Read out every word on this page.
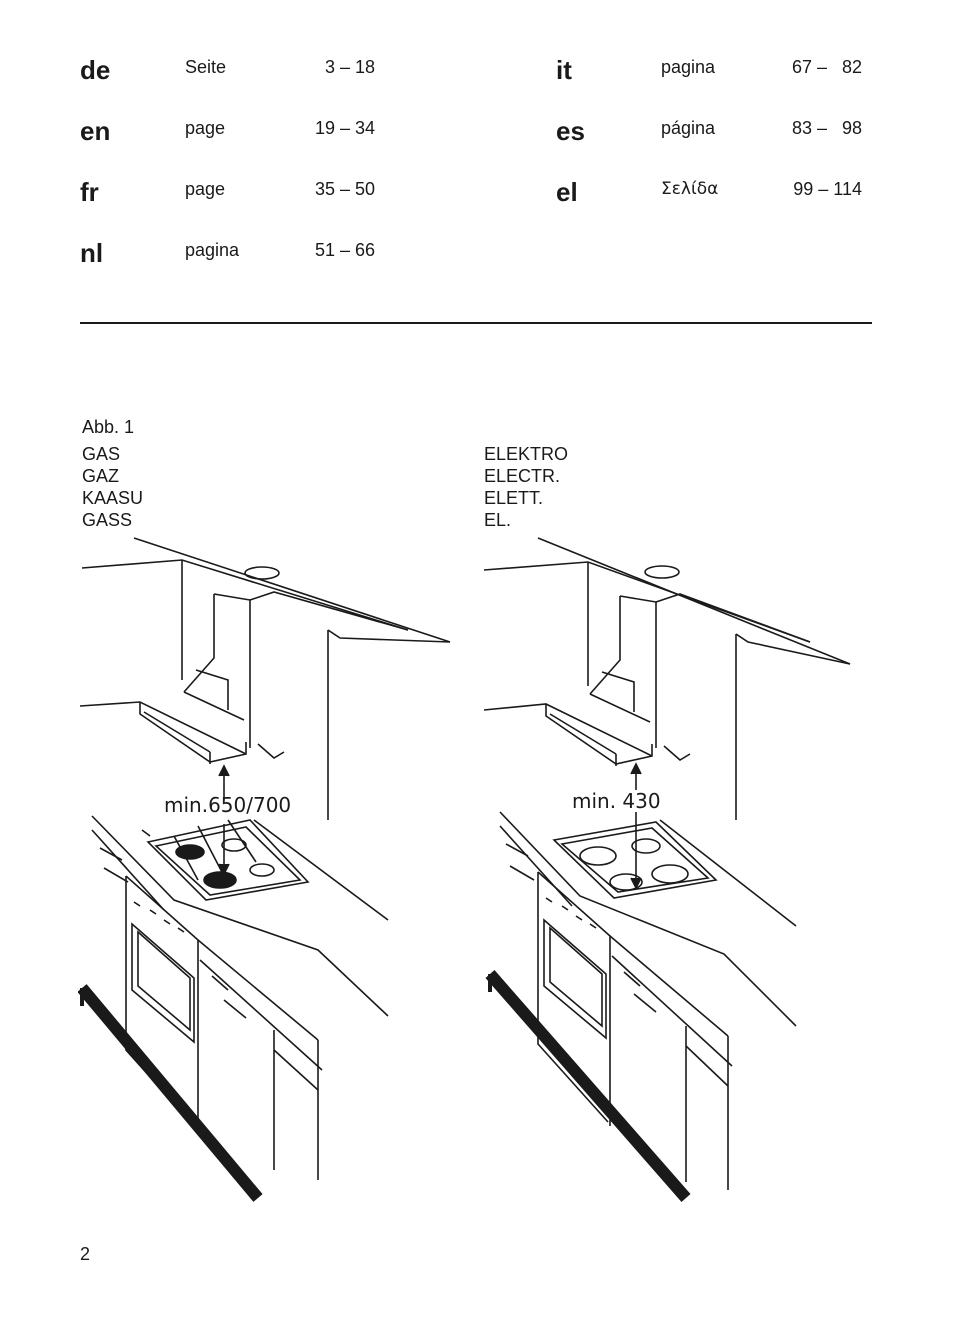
de	Seite	3 – 18
en	page	19 – 34
fr	page	35 – 50
nl	pagina	51 – 66
it	pagina	67 –   82
es	página	83 –   98
el	Σελίδα	99 – 114
Abb. 1
GAS
GAZ
KAASU
GASS
ELEKTRO
ELECTR.
ELETT.
EL.
min.650/700	min. 430
2
